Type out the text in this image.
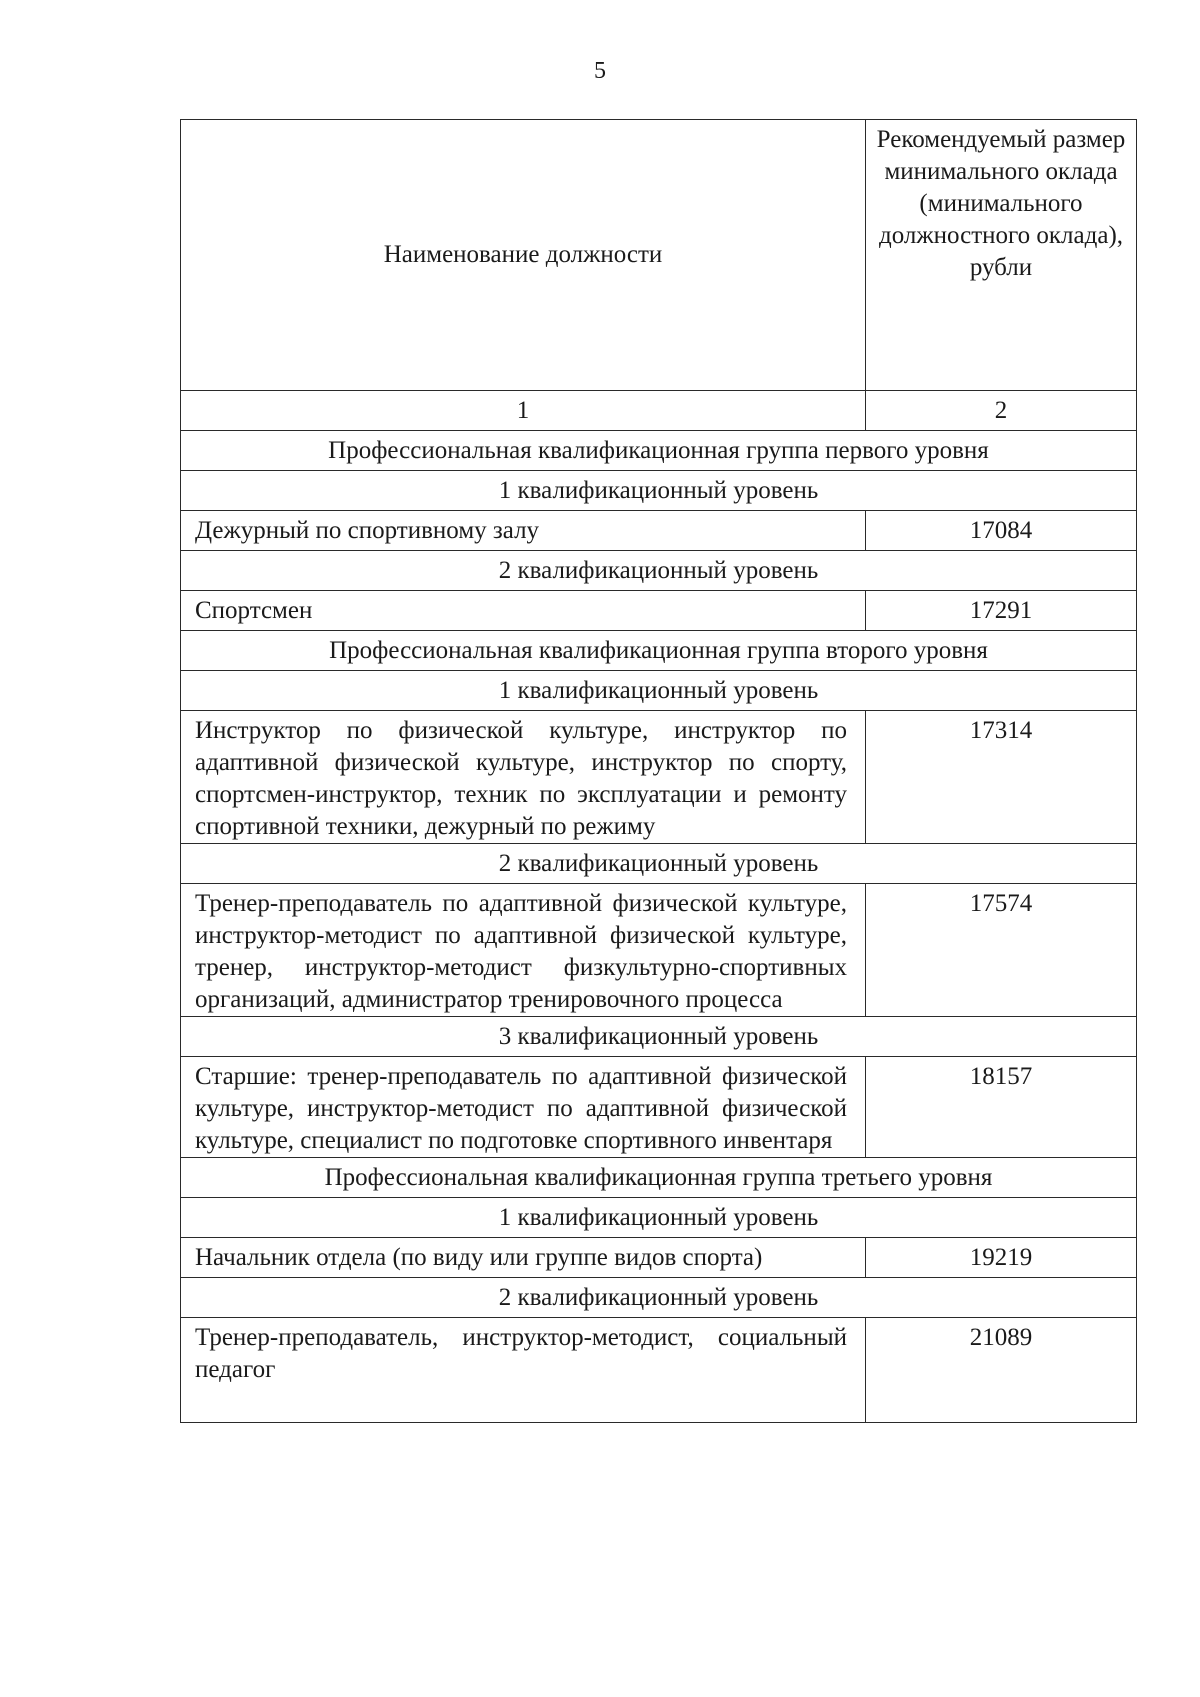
5
Наименование должности	Рекомендуемый размер минимального оклада (минимального должностного оклада), рубли
1	2
Профессиональная квалификационная группа первого уровня	
1 квалификационный уровень	
Дежурный по спортивному залу	17084
2 квалификационный уровень	
Спортсмен	17291
Профессиональная квалификационная группа второго уровня	
1 квалификационный уровень	
Инструктор по физической культуре, инструктор по адаптивной физической культуре, инструктор по спорту, спортсмен-инструктор, техник по эксплуатации и ремонту спортивной техники, дежурный по режиму	17314
2 квалификационный уровень	
Тренер-преподаватель по адаптивной физической культуре, инструктор-методист по адаптивной физической культуре, тренер, инструктор-методист физкультурно-спортивных организаций, администратор тренировочного процесса	17574
3 квалификационный уровень	
Старшие: тренер-преподаватель по адаптивной физической культуре, инструктор-методист по адаптивной физической культуре, специалист по подготовке спортивного инвентаря	18157
Профессиональная квалификационная группа третьего уровня	
1 квалификационный уровень	
Начальник отдела (по виду или группе видов спорта)	19219
2 квалификационный уровень	
Тренер-преподаватель, инструктор-методист, социальный педагог	21089
